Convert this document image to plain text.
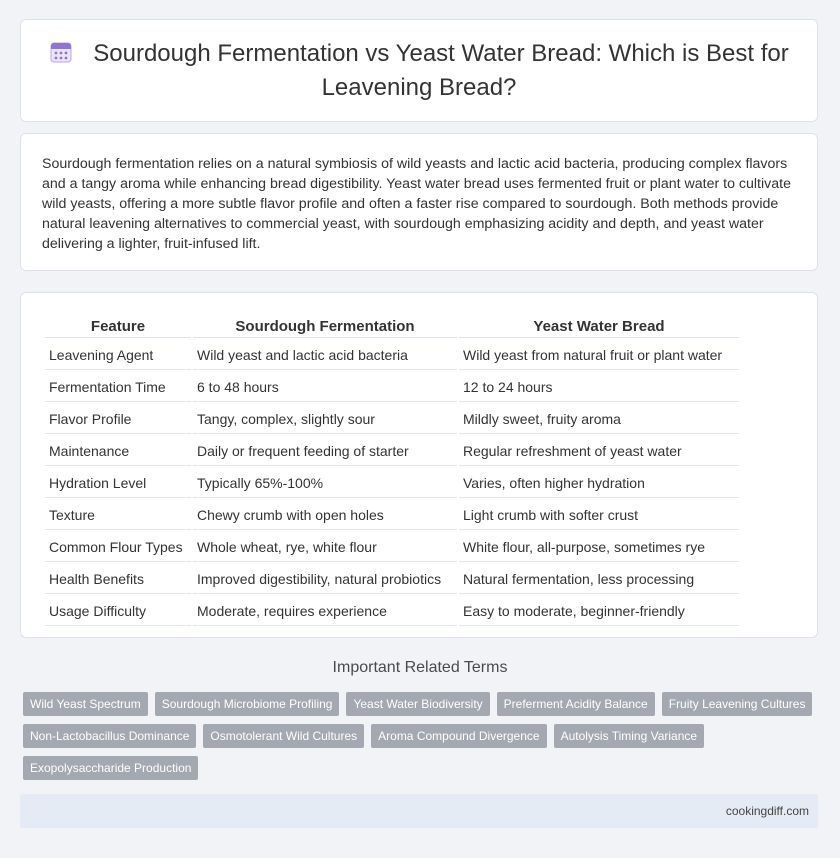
Sourdough Fermentation vs Yeast Water Bread: Which is Best for Leavening Bread?

Sourdough fermentation relies on a natural symbiosis of wild yeasts and lactic acid bacteria, producing complex flavors and a tangy aroma while enhancing bread digestibility. Yeast water bread uses fermented fruit or plant water to cultivate wild yeasts, offering a more subtle flavor profile and often a faster rise compared to sourdough. Both methods provide natural leavening alternatives to commercial yeast, with sourdough emphasizing acidity and depth, and yeast water delivering a lighter, fruit-infused lift.

Feature	Sourdough Fermentation	Yeast Water Bread
Leavening Agent	Wild yeast and lactic acid bacteria	Wild yeast from natural fruit or plant water
Fermentation Time	6 to 48 hours	12 to 24 hours
Flavor Profile	Tangy, complex, slightly sour	Mildly sweet, fruity aroma
Maintenance	Daily or frequent feeding of starter	Regular refreshment of yeast water
Hydration Level	Typically 65%-100%	Varies, often higher hydration
Texture	Chewy crumb with open holes	Light crumb with softer crust
Common Flour Types	Whole wheat, rye, white flour	White flour, all-purpose, sometimes rye
Health Benefits	Improved digestibility, natural probiotics	Natural fermentation, less processing
Usage Difficulty	Moderate, requires experience	Easy to moderate, beginner-friendly
Important Related Terms
Wild Yeast Spectrum	Sourdough Microbiome Profiling	Yeast Water Biodiversity	Preferment Acidity Balance	Fruity Leavening Cultures
Non-Lactobacillus Dominance	Osmotolerant Wild Cultures	Aroma Compound Divergence	Autolysis Timing Variance
Exopolysaccharide Production
cookingdiff.com
